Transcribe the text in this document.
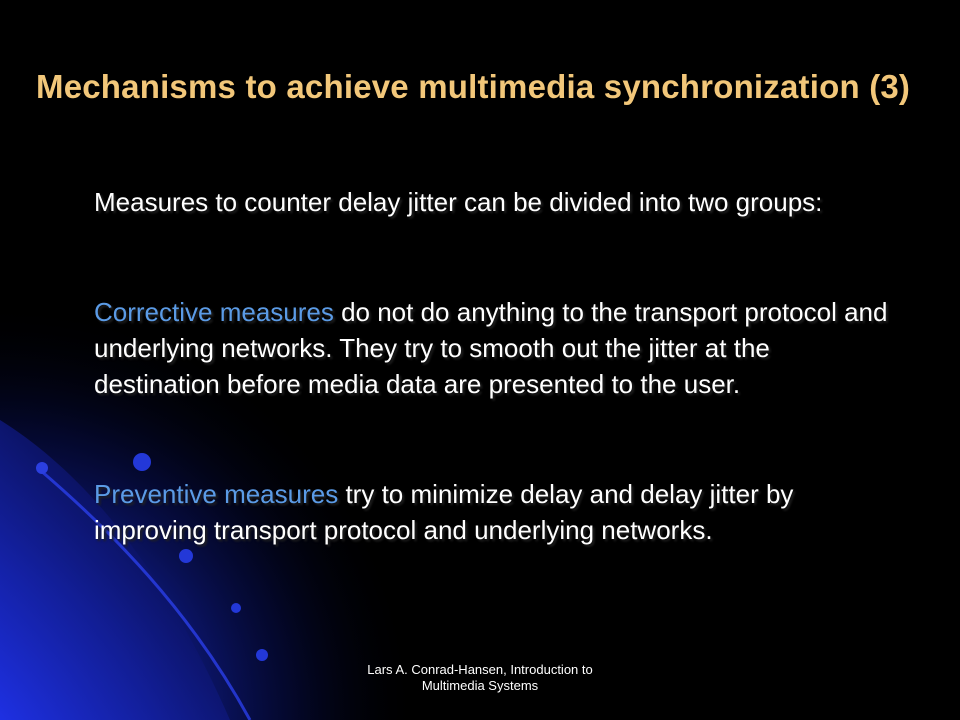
Mechanisms to achieve multimedia synchronization (3)
Measures to counter delay jitter can be divided into two groups:
Corrective measures do not do anything to the transport protocol and underlying networks. They try to smooth out the jitter at the destination before media data are presented to the user.
Preventive measures try to minimize delay and delay jitter by improving transport protocol and underlying networks.
Lars A. Conrad-Hansen, Introduction to
Multimedia Systems
